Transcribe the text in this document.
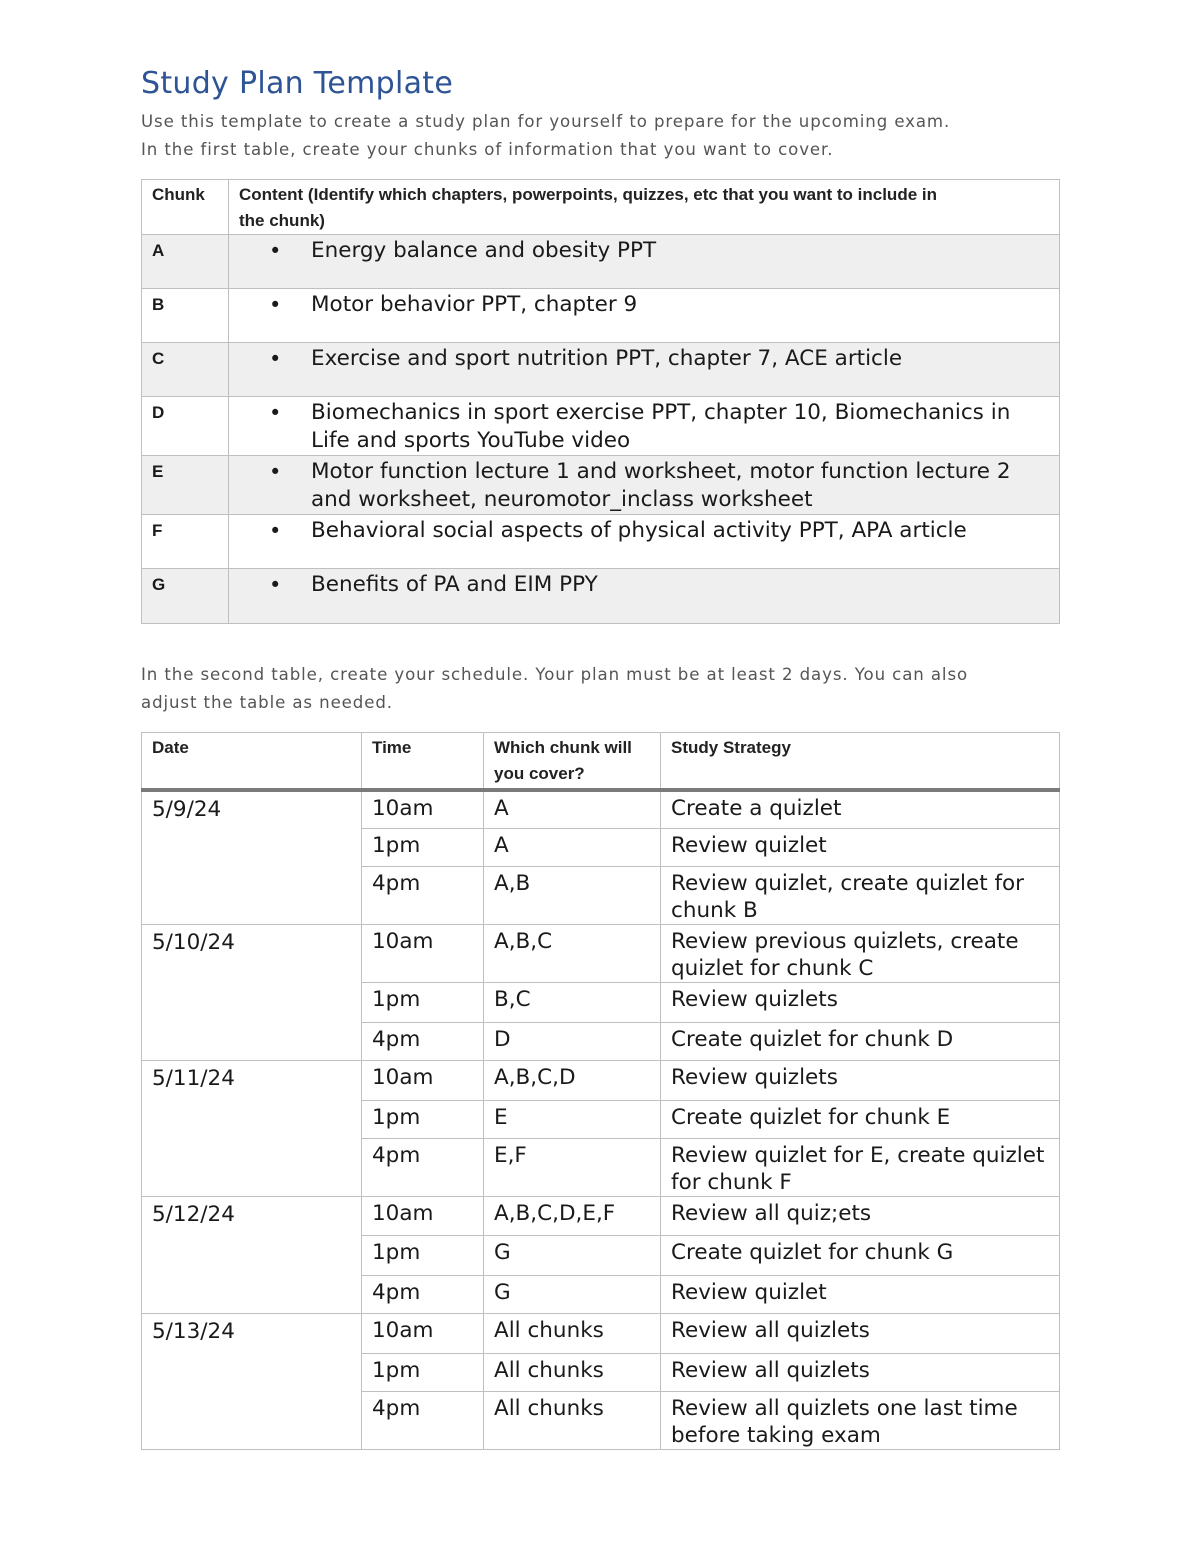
Study Plan Template

Use this template to create a study plan for yourself to prepare for the upcoming exam.

In the first table, create your chunks of information that you want to cover.

Chunk	Content (Identify which chapters, powerpoints, quizzes, etc that you want to include in
the chunk)
A	• Energy balance and obesity PPT

B	• Motor behavior PPT, chapter 9

C	• Exercise and sport nutrition PPT, chapter 7, ACE article

D	• Biomechanics in sport exercise PPT, chapter 10, Biomechanics in Life and sports YouTube video

E	• Motor function lecture 1 and worksheet, motor function lecture 2 and worksheet, neuromotor_inclass worksheet

F	• Behavioral social aspects of physical activity PPT, APA article

G	• Benefits of PA and EIM PPY

In the second table, create your schedule. Your plan must be at least 2 days. You can also

adjust the table as needed.

Date	Time	Which chunk will
you cover?	Study Strategy
5/9/24	10am	A	Create a quizlet
	1pm	A	Review quizlet
	4pm	A,B	Review quizlet, create quizlet for chunk B
5/10/24	10am	A,B,C	Review previous quizlets, create quizlet for chunk C
	1pm	B,C	Review quizlets
	4pm	D	Create quizlet for chunk D
5/11/24	10am	A,B,C,D	Review quizlets
	1pm	E	Create quizlet for chunk E
	4pm	E,F	Review quizlet for E, create quizlet for chunk F
5/12/24	10am	A,B,C,D,E,F	Review all quiz;ets
	1pm	G	Create quizlet for chunk G
	4pm	G	Review quizlet
5/13/24	10am	All chunks	Review all quizlets
	1pm	All chunks	Review all quizlets
	4pm	All chunks	Review all quizlets one last time before taking exam
